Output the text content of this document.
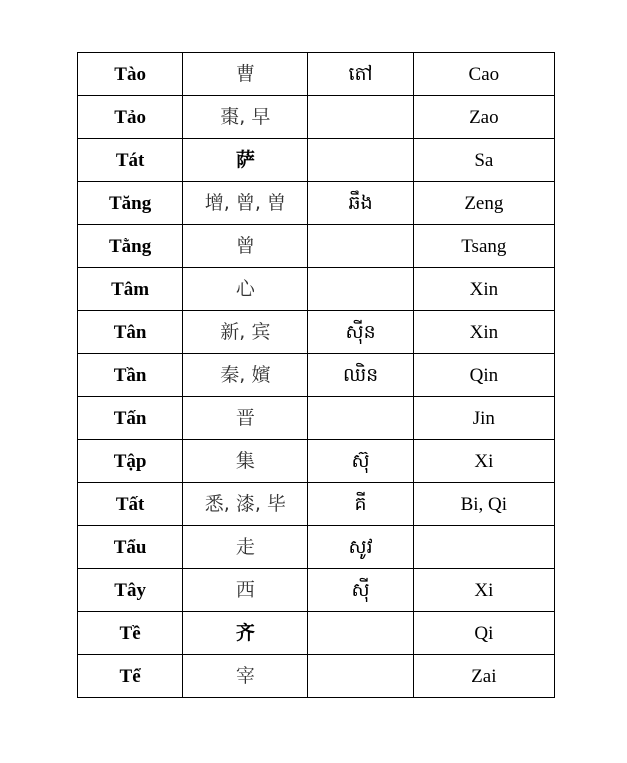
Tào	曹	តៅ	Cao
Tảo	棗, 早		Zao
Tát	萨		Sa
Tăng	增, 曾, 曽	ឆឹង	Zeng
Tằng	曾		Tsang
Tâm	心		Xin
Tân	新, 宾	ស៊ីន	Xin
Tần	秦, 嬪	ឈិន	Qin
Tấn	晋		Jin
Tập	集	ស៊ុ	Xi
Tất	悉, 漆, 毕	គី	Bi, Qi
Tẩu	走	សូវ	
Tây	西	ស៊ី	Xi
Tề	齐		Qi
Tể	宰		Zai
